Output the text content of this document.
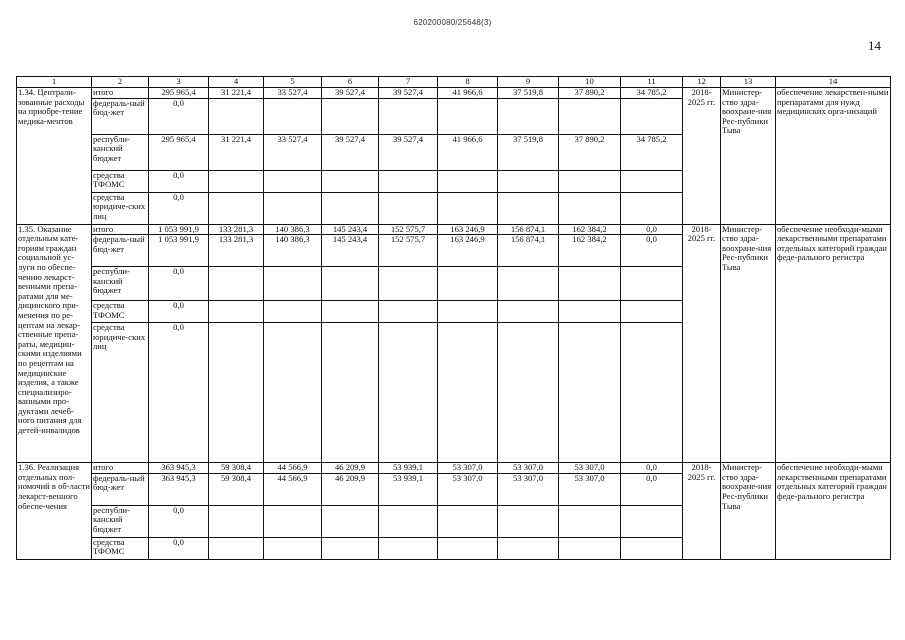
620200080/25648(3)
14
1	2	3	4	5	6	7	8	9	10	11	12	13	14
1.34. Централи-зованные расходы на приобре-тение медика-ментов	итого	295 965,4	31 221,4	33 527,4	39 527,4	39 527,4	41 966,6	37 519,8	37 890,2	34 785,2	2018-2025 гг.	Министер-ство здра-воохране-ния Рес-публики Тыва	обеспечение лекарствен-ными препаратами для нужд медицинских орга-низаций
	федераль-ный бюд-жет	0,0											
	республи-канский бюджет	295 965,4	31 221,4	33 527,4	39 527,4	39 527,4	41 966,6	37 519,8	37 890,2	34 785,2			
	средства ТФОМС	0,0											
	средства юридиче-ских лиц	0,0											
1.35. Оказание отдельным кате-гориям граждан социальной ус-луги по обеспе-чению лекарст-венными препа-ратами для ме-дицинского при-менения по ре-цептам на лекар-ственные препа-раты, медицин-скими изделиями по рецептам на медицинские изделия, а также специализиро-ванными про-дуктами лечеб-ного питания для детей-инвалидов	итого	1 053 991,9	133 281,3	140 386,3	145 243,4	152 575,7	163 246,9	156 874,1	162 384,2	0,0	2018-2025 гг.	Министер-ство здра-воохране-ния Рес-публики Тыва	обеспечение необходи-мыми лекарственными препаратами отдельных категорий граждан феде-рального регистра
	федераль-ный бюд-жет	1 053 991,9	133 281,3	140 386,3	145 243,4	152 575,7	163 246,9	156 874,1	162 384,2	0,0			
	республи-канский бюджет	0,0											
	средства ТФОМС	0,0											
	средства юридиче-ских лиц	0,0											
1.36. Реализация отдельных пол-номочий в об-ласти лекарст-венного обеспе-чения	итого	363 945,3	59 308,4	44 566,9	46 209,9	53 939,1	53 307,0	53 307,0	53 307,0	0,0	2018-2025 гг.	Министер-ство здра-воохране-ния Рес-публики Тыва	обеспечение необходи-мыми лекарственными препаратами отдельных категорий граждан феде-рального регистра
	федераль-ный бюд-жет	363 945,3	59 308,4	44 566,9	46 209,9	53 939,1	53 307,0	53 307,0	53 307,0	0,0			
	республи-канский бюджет	0,0											
	средства ТФОМС	0,0											
